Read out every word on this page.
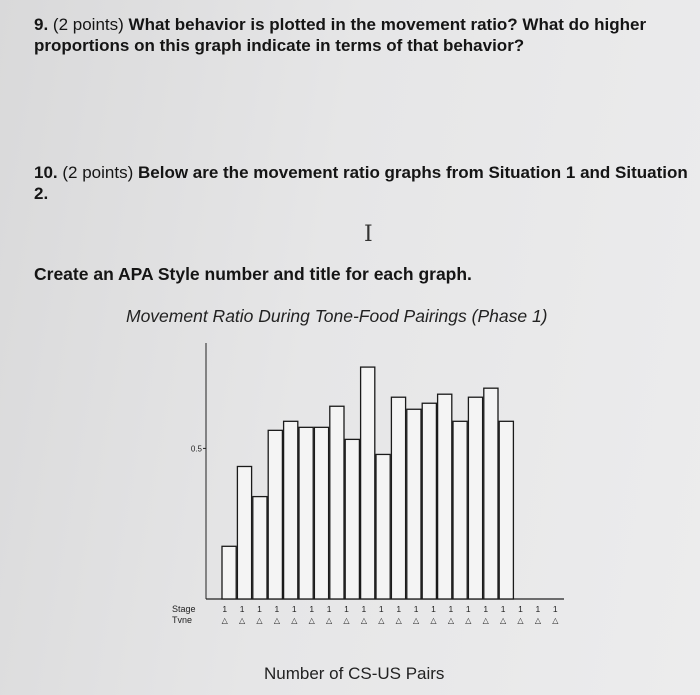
9. (2 points) What behavior is plotted in the movement ratio? What do higher proportions on this graph indicate in terms of that behavior?
10. (2 points) Below are the movement ratio graphs from Situation 1 and Situation 2.
I
Create an APA Style number and title for each graph.
Movement Ratio During Tone-Food Pairings (Phase 1)
0.5
Stage
Tvne
1 1 1 1 1 1 1 1 1 1 1 1 1 1 1 1 1 1 1 1
△ △ △ △ △ △ △ △ △ △ △ △ △ △ △ △ △ △ △ △
Number of CS-US Pairs
